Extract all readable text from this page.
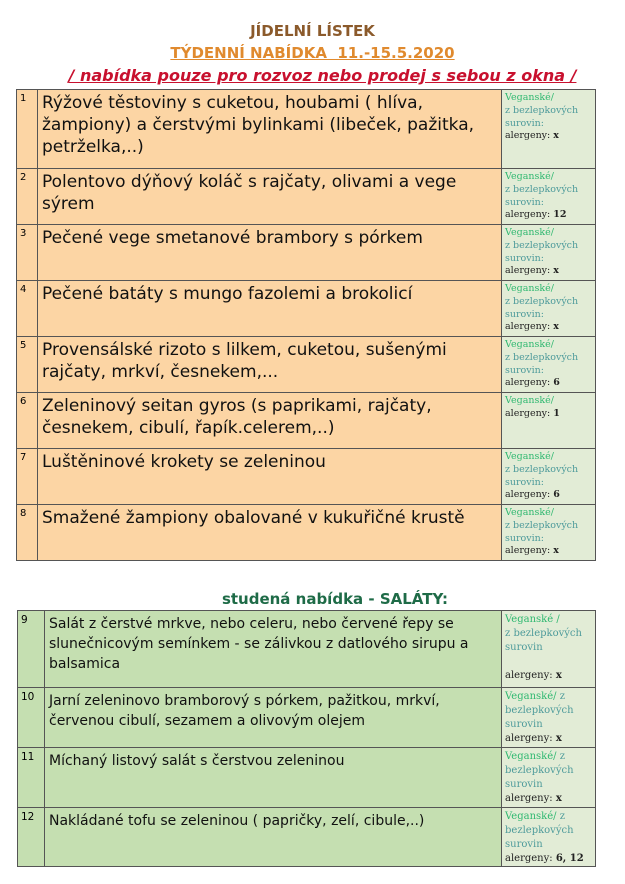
JÍDELNÍ LÍSTEK
TÝDENNÍ NABÍDKA  11.-15.5.2020
/ nabídka pouze pro rozvoz nebo prodej s sebou z okna /
1	Rýžové těstoviny s cuketou, houbami ( hlíva, žampiony) a čerstvými bylinkami (libeček, pažitka, petrželka,..)	Veganské/
z bezlepkových surovin:
alergeny: x
2	Polentovo dýňový koláč s rajčaty, olivami a vege sýrem	Veganské/
z bezlepkových surovin:
alergeny: 12
3	Pečené vege smetanové brambory s pórkem	Veganské/
z bezlepkových surovin:
alergeny: x
4	Pečené batáty s mungo fazolemi a brokolicí	Veganské/
z bezlepkových surovin:
alergeny: x
5	Provensálské rizoto s lilkem, cuketou, sušenými rajčaty, mrkví, česnekem,...	Veganské/
z bezlepkových surovin:
alergeny: 6
6	Zeleninový seitan gyros (s paprikami, rajčaty, česnekem, cibulí, řapík.celerem,..)	Veganské/
alergeny: 1
7	Luštěninové krokety se zeleninou	Veganské/
z bezlepkových surovin:
alergeny: 6
8	Smažené žampiony obalované v kukuřičné krustě	Veganské/
z bezlepkových surovin:
alergeny: x
studená nabídka - SALÁTY:
9	Salát z čerstvé mrkve, nebo celeru, nebo červené řepy se slunečnicovým semínkem - se zálivkou z datlového sirupu a balsamica	Veganské /
z bezlepkových surovin
alergeny: x
10	Jarní zeleninovo bramborový s pórkem, pažitkou, mrkví, červenou cibulí, sezamem a olivovým olejem	Veganské/ z bezlepkových surovin
alergeny: x
11	Míchaný listový salát s čerstvou zeleninou	Veganské/ z bezlepkových surovin
alergeny: x
12	Nakládané tofu se zeleninou ( papričky, zelí, cibule,..)	Veganské/ z bezlepkových surovin
alergeny: 6, 12
